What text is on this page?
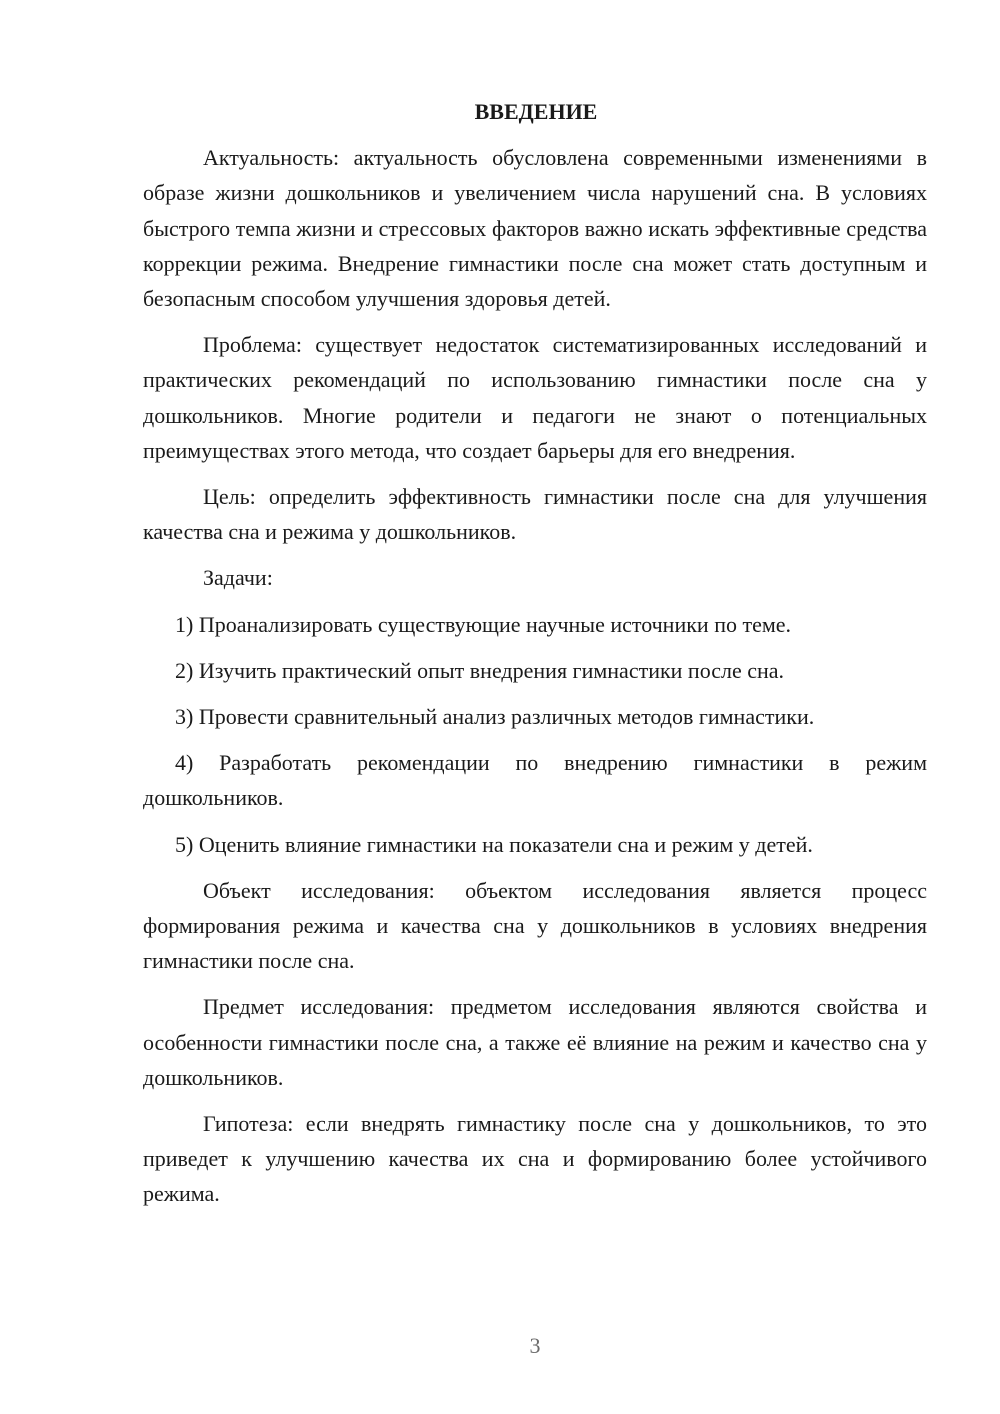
ВВЕДЕНИЕ

Актуальность: актуальность обусловлена современными изменениями в образе жизни дошкольников и увеличением числа нарушений сна. В условиях быстрого темпа жизни и стрессовых факторов важно искать эффективные средства коррекции режима. Внедрение гимнастики после сна может стать доступным и безопасным способом улучшения здоровья детей.

Проблема: существует недостаток систематизированных исследований и практических рекомендаций по использованию гимнастики после сна у дошкольников. Многие родители и педагоги не знают о потенциальных преимуществах этого метода, что создает барьеры для его внедрения.

Цель: определить эффективность гимнастики после сна для улучшения качества сна и режима у дошкольников.

Задачи:

1) Проанализировать существующие научные источники по теме.

2) Изучить практический опыт внедрения гимнастики после сна.

3) Провести сравнительный анализ различных методов гимнастики.

4) Разработать рекомендации по внедрению гимнастики в режим дошкольников.

5) Оценить влияние гимнастики на показатели сна и режим у детей.

Объект исследования: объектом исследования является процесс формирования режима и качества сна у дошкольников в условиях внедрения гимнастики после сна.

Предмет исследования: предметом исследования являются свойства и особенности гимнастики после сна, а также её влияние на режим и качество сна у дошкольников.

Гипотеза: если внедрять гимнастику после сна у дошкольников, то это приведет к улучшению качества их сна и формированию более устойчивого режима.

3
